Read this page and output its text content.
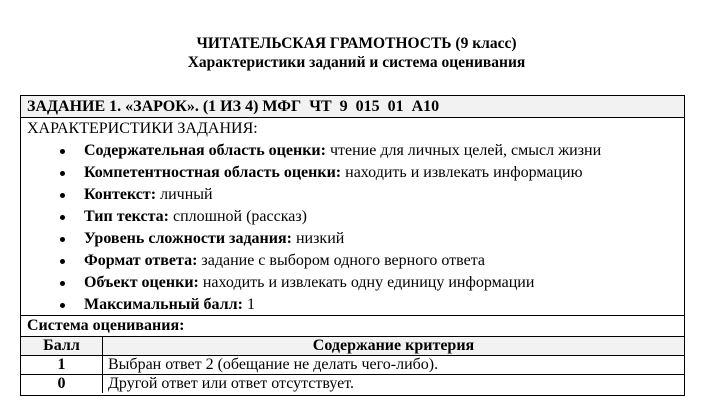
ЧИТАТЕЛЬСКАЯ ГРАМОТНОСТЬ (9 класс)
Характеристики заданий и система оценивания
ЗАДАНИЕ 1. «ЗАРОК». (1 ИЗ 4) МФГ  ЧТ  9  015  01  А10
ХАРАКТЕРИСТИКИ ЗАДАНИЯ:
Содержательная область оценки: чтение для личных целей, смысл жизни
Компетентностная область оценки: находить и извлекать информацию
Контекст: личный
Тип текста: сплошной (рассказ)
Уровень сложности задания: низкий
Формат ответа: задание с выбором одного верного ответа
Объект оценки: находить и извлекать одну единицу информации
Максимальный балл: 1
Система оценивания:
Балл	Содержание критерия
1	Выбран ответ 2 (обещание не делать чего-либо).
0	Другой ответ или ответ отсутствует.
